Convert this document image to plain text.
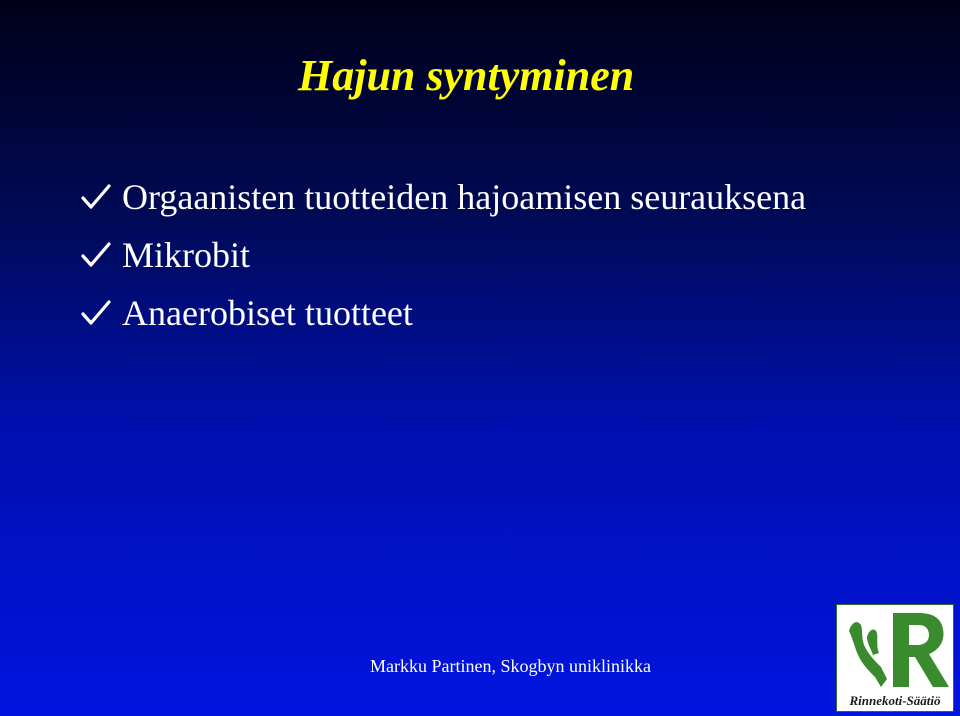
Hajun syntyminen
Orgaanisten tuotteiden hajoamisen seurauksena
Mikrobit
Anaerobiset tuotteet
Markku Partinen, Skogbyn uniklinikka
Rinnekoti-Säätiö
